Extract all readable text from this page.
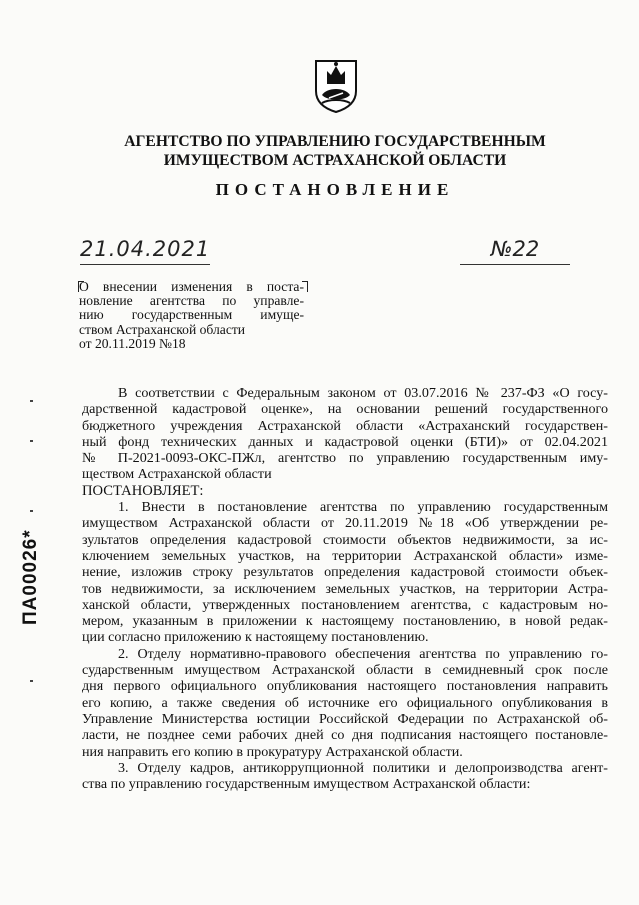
АГЕНТСТВО ПО УПРАВЛЕНИЮ ГОСУДАРСТВЕННЫМ
ИМУЩЕСТВОМ АСТРАХАНСКОЙ ОБЛАСТИ
ПОСТАНОВЛЕНИЕ
21.04.2021	№22
О внесении изменения в поста-
новление агентства по управле-
нию государственным имуще-
ством Астраханской области
от 20.11.2019 №18
ПА00026*
В соответствии с Федеральным законом от 03.07.2016 № 237-ФЗ «О госу-
дарственной кадастровой оценке», на основании решений государственного
бюджетного учреждения Астраханской области «Астраханский государствен-
ный фонд технических данных и кадастровой оценки (БТИ)» от 02.04.2021
№ П-2021-0093-ОКС-ПЖл, агентство по управлению государственным иму-
ществом Астраханской области
ПОСТАНОВЛЯЕТ:
1. Внести в постановление агентства по управлению государственным
имуществом Астраханской области от 20.11.2019 №18 «Об утверждении ре-
зультатов определения кадастровой стоимости объектов недвижимости, за ис-
ключением земельных участков, на территории Астраханской области» изме-
нение, изложив строку результатов определения кадастровой стоимости объек-
тов недвижимости, за исключением земельных участков, на территории Астра-
ханской области, утвержденных постановлением агентства, с кадастровым но-
мером, указанным в приложении к настоящему постановлению, в новой редак-
ции согласно приложению к настоящему постановлению.
2. Отделу нормативно-правового обеспечения агентства по управлению го-
сударственным имуществом Астраханской области в семидневный срок после
дня первого официального опубликования настоящего постановления направить
его копию, а также сведения об источнике его официального опубликования в
Управление Министерства юстиции Российской Федерации по Астраханской об-
ласти, не позднее семи рабочих дней со дня подписания настоящего постановле-
ния направить его копию в прокуратуру Астраханской области.
3. Отделу кадров, антикоррупционной политики и делопроизводства агент-
ства по управлению государственным имуществом Астраханской области:
